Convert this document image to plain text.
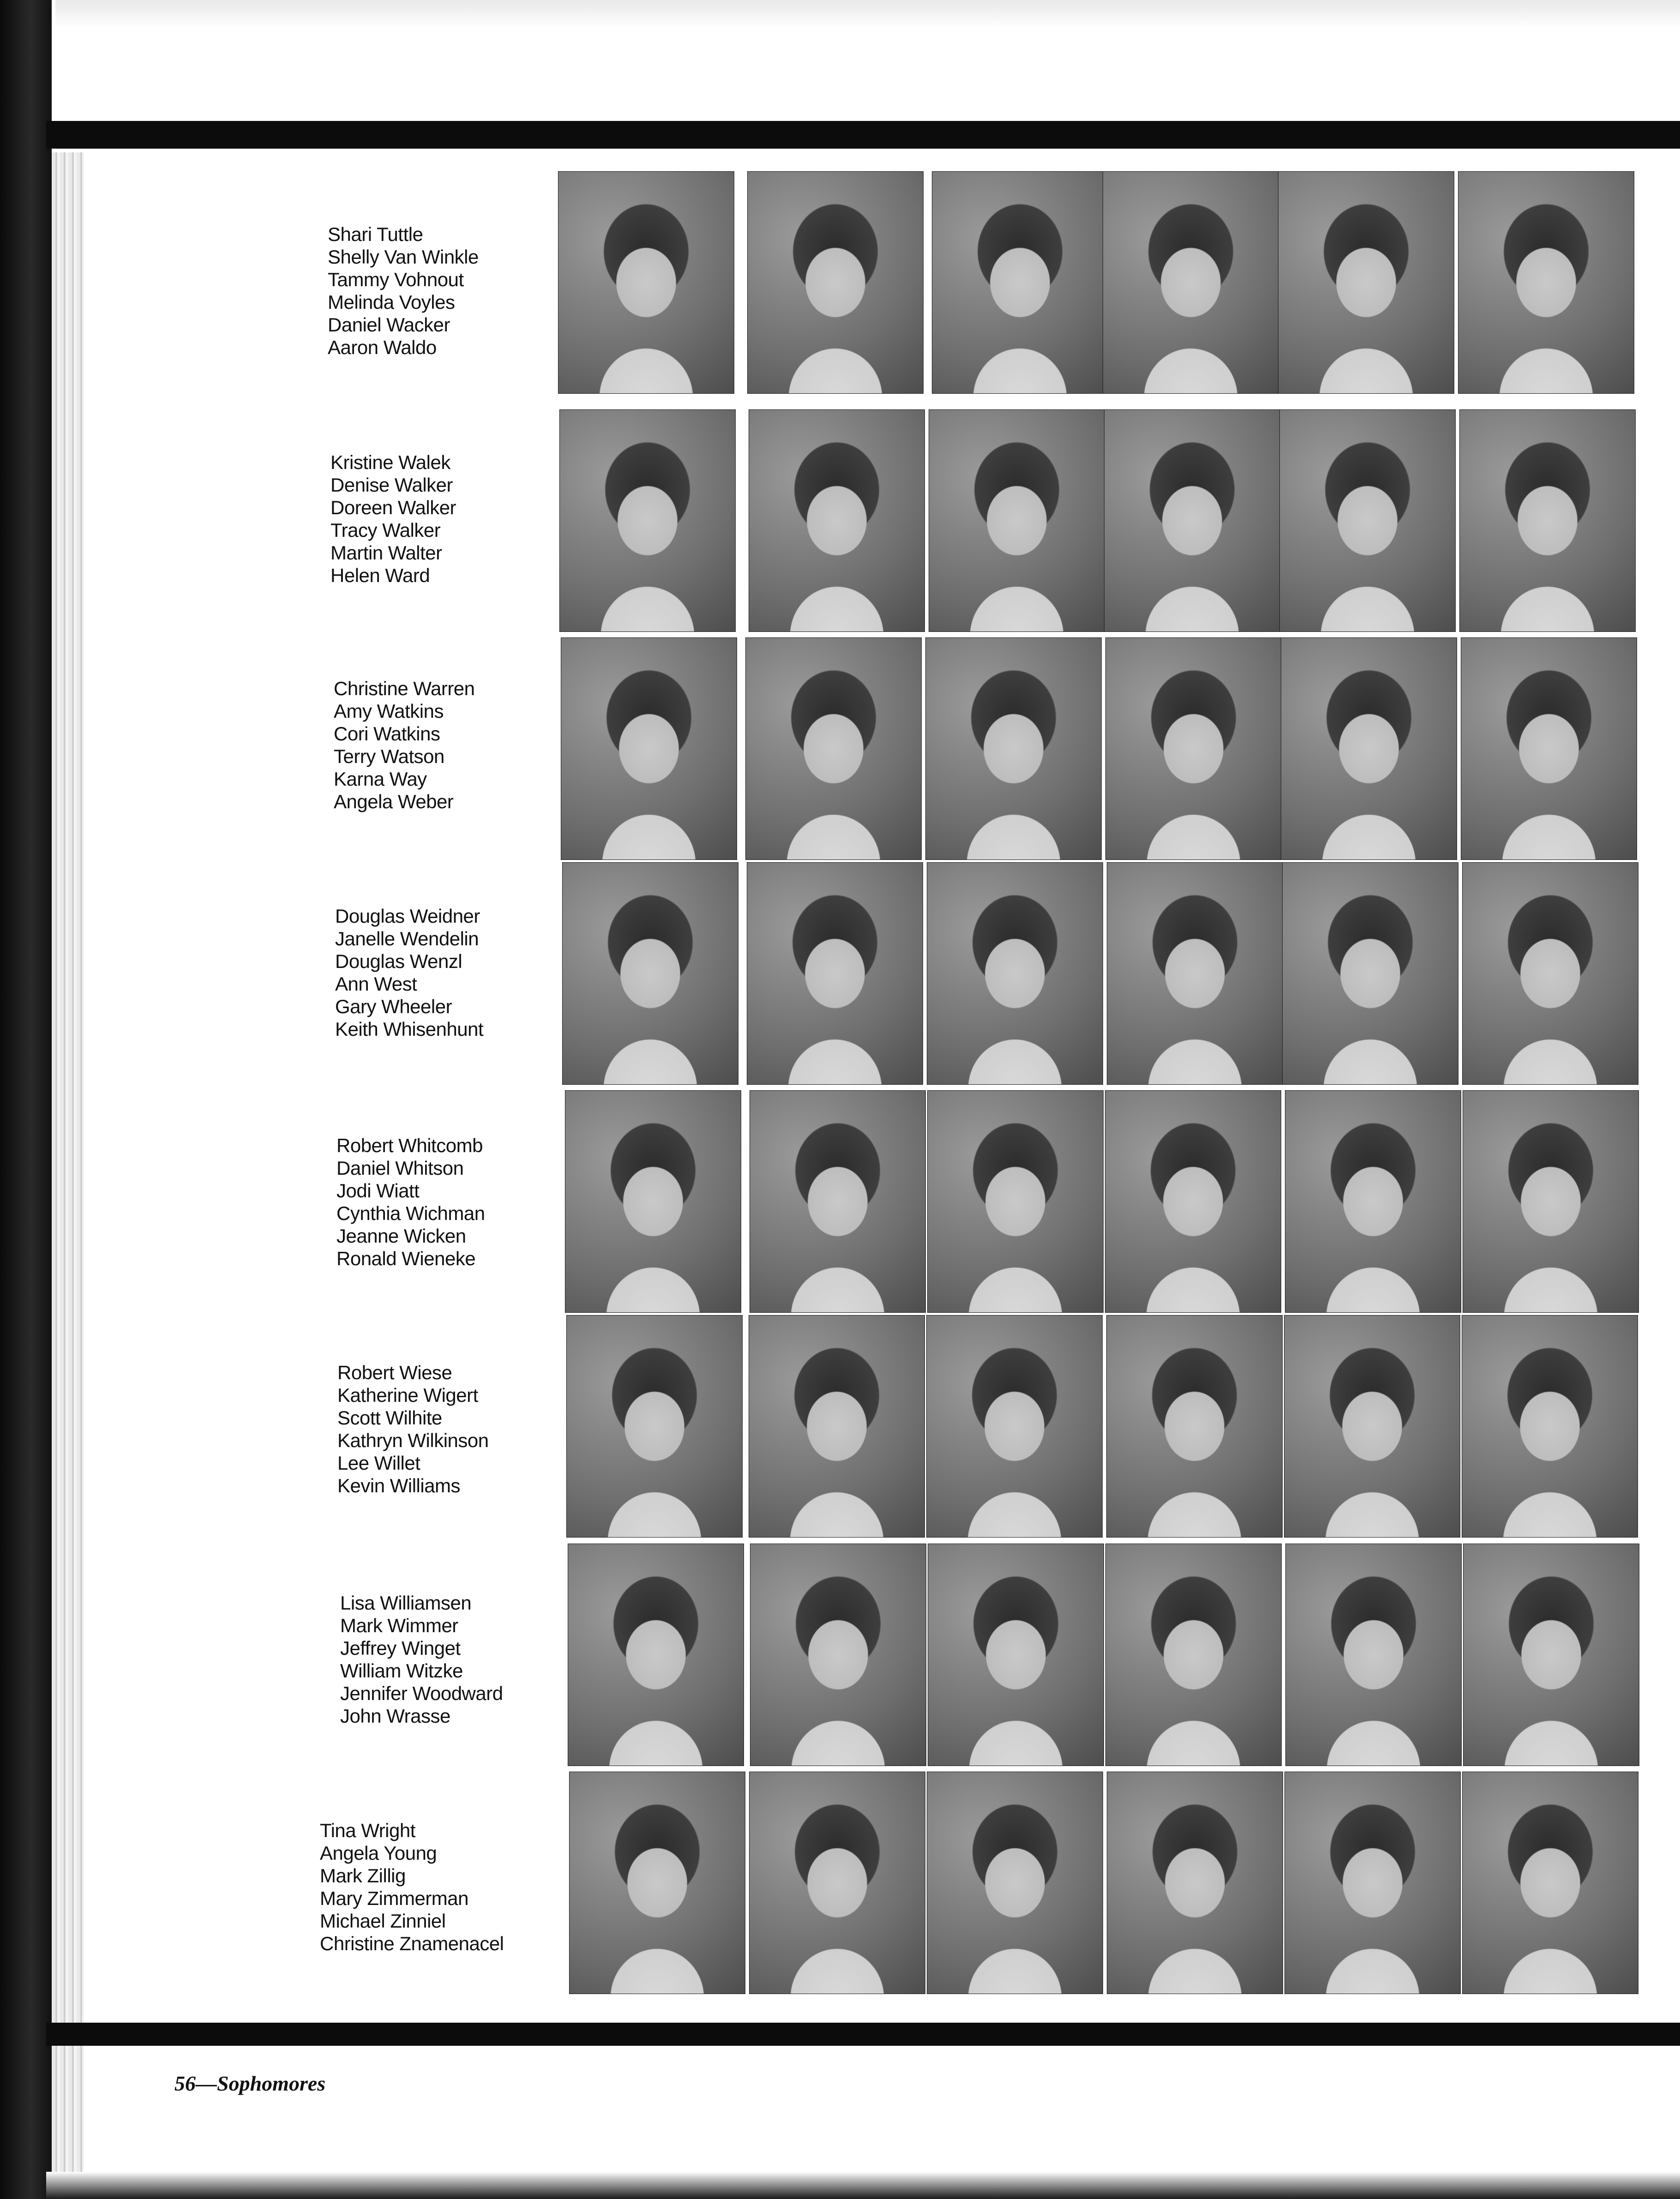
Shari Tuttle
Shelly Van Winkle
Tammy Vohnout
Melinda Voyles
Daniel Wacker
Aaron Waldo
Kristine Walek
Denise Walker
Doreen Walker
Tracy Walker
Martin Walter
Helen Ward
Christine Warren
Amy Watkins
Cori Watkins
Terry Watson
Karna Way
Angela Weber
Douglas Weidner
Janelle Wendelin
Douglas Wenzl
Ann West
Gary Wheeler
Keith Whisenhunt
Robert Whitcomb
Daniel Whitson
Jodi Wiatt
Cynthia Wichman
Jeanne Wicken
Ronald Wieneke
Robert Wiese
Katherine Wigert
Scott Wilhite
Kathryn Wilkinson
Lee Willet
Kevin Williams
Lisa Williamsen
Mark Wimmer
Jeffrey Winget
William Witzke
Jennifer Woodward
John Wrasse
Tina Wright
Angela Young
Mark Zillig
Mary Zimmerman
Michael Zinniel
Christine Znamenacel
56—Sophomores
